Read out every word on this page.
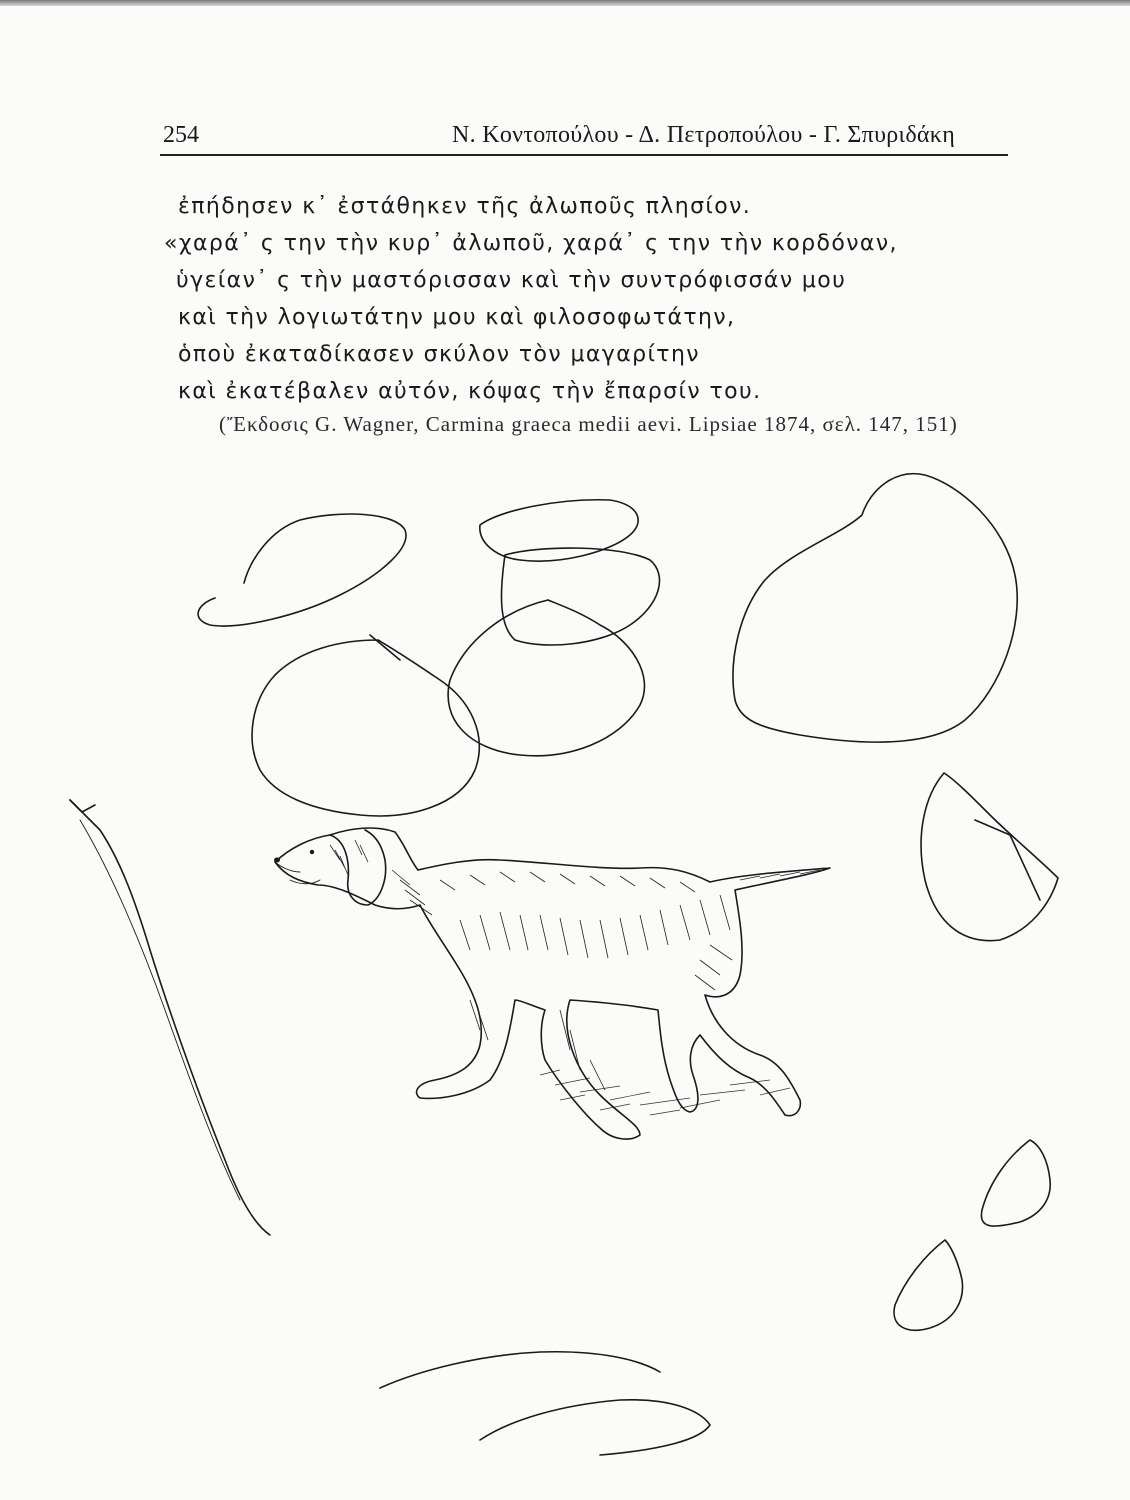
254	Ν. Κοντοπούλου - Δ. Πετροπούλου - Γ. Σπυριδάκη
ἐπήδησεν κ᾽ ἐστάθηκεν τῆς ἀλωποῦς πλησίον.
«χαρά᾽ ς την τὴν κυρ᾽ ἀλωποῦ, χαρά᾽ ς την τὴν κορδόναν,
ὑγείαν᾽ ς τὴν μαστόρισσαν καὶ τὴν συντρόφισσάν μου
καὶ τὴν λογιωτάτην μου καὶ φιλοσοφωτάτην,
ὁποὺ ἐκαταδίκασεν σκύλον τὸν μαγαρίτην
καὶ ἐκατέβαλεν αὐτόν, κόψας τὴν ἔπαρσίν του.
(Ἔκδοσις G. Wagner, Carmina graeca medii aevi. Lipsiae 1874, σελ. 147, 151)
